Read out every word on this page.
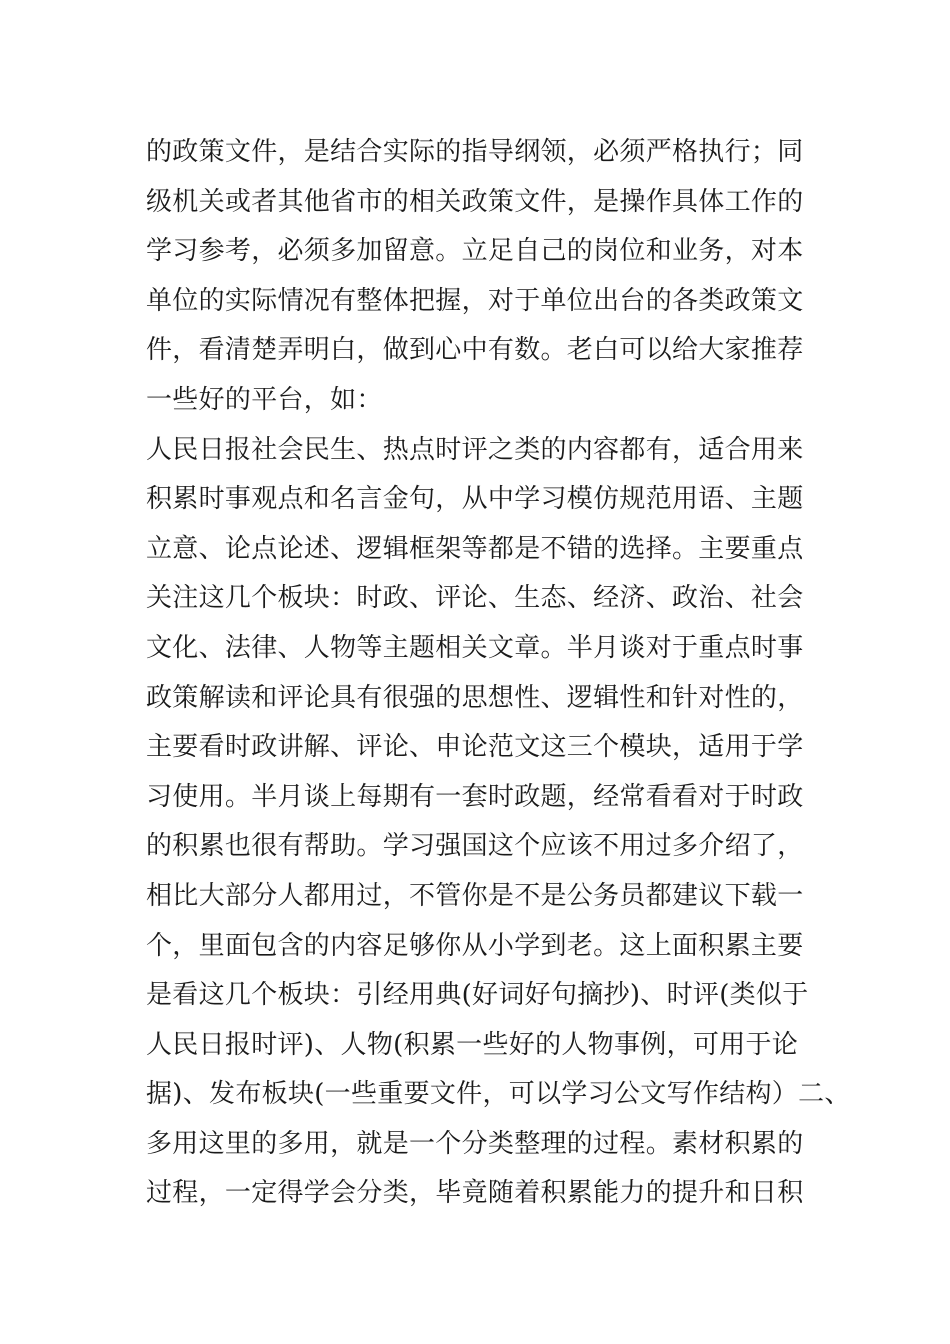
的政策文件，是结合实际的指导纲领，必须严格执行；同
级机关或者其他省市的相关政策文件，是操作具体工作的
学习参考，必须多加留意。立足自己的岗位和业务，对本
单位的实际情况有整体把握，对于单位出台的各类政策文
件，看清楚弄明白，做到心中有数。老白可以给大家推荐
一些好的平台，如：
人民日报社会民生、热点时评之类的内容都有，适合用来
积累时事观点和名言金句，从中学习模仿规范用语、主题
立意、论点论述、逻辑框架等都是不错的选择。主要重点
关注这几个板块：时政、评论、生态、经济、政治、社会
文化、法律、人物等主题相关文章。半月谈对于重点时事
政策解读和评论具有很强的思想性、逻辑性和针对性的，
主要看时政讲解、评论、申论范文这三个模块，适用于学
习使用。半月谈上每期有一套时政题，经常看看对于时政
的积累也很有帮助。学习强国这个应该不用过多介绍了，
相比大部分人都用过，不管你是不是公务员都建议下载一
个，里面包含的内容足够你从小学到老。这上面积累主要
是看这几个板块：引经用典(好词好句摘抄)、时评(类似于
人民日报时评)、人物(积累一些好的人物事例，可用于论
据)、发布板块(一些重要文件，可以学习公文写作结构）二、
多用这里的多用，就是一个分类整理的过程。素材积累的
过程，一定得学会分类，毕竟随着积累能力的提升和日积
